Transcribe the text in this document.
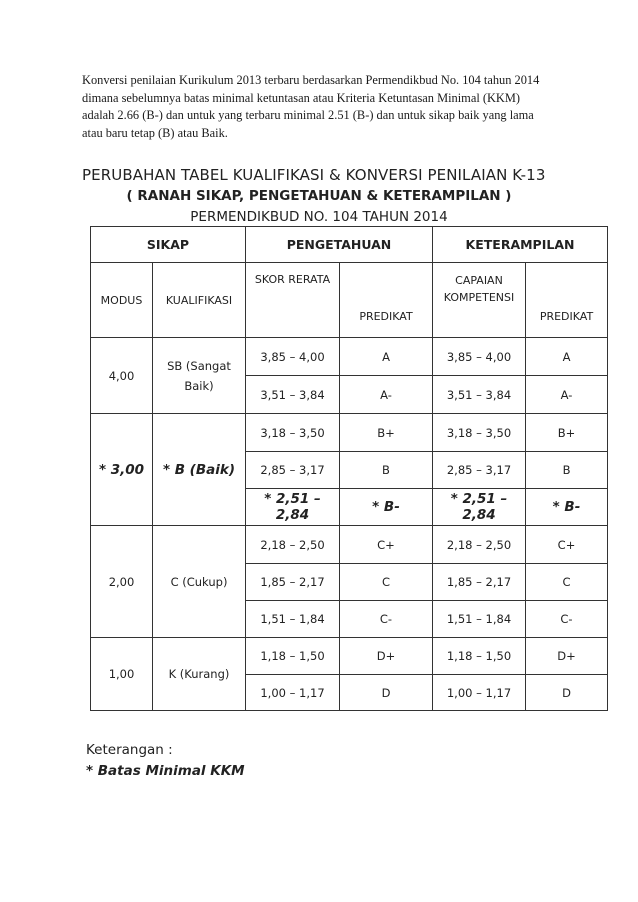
Konversi penilaian Kurikulum 2013 terbaru berdasarkan Permendikbud No. 104 tahun 2014
dimana sebelumnya batas minimal ketuntasan atau Kriteria Ketuntasan Minimal (KKM)
adalah 2.66 (B-) dan untuk yang terbaru minimal 2.51 (B-) dan untuk sikap baik yang lama
atau baru tetap (B) atau Baik.
PERUBAHAN TABEL KUALIFIKASI & KONVERSI PENILAIAN K-13
( RANAH SIKAP, PENGETAHUAN & KETERAMPILAN )
PERMENDIKBUD NO. 104 TAHUN 2014
SIKAP		PENGETAHUAN		KETERAMPILAN	
MODUS	KUALIFIKASI	SKOR RERATA	PREDIKAT	CAPAIAN KOMPETENSI	PREDIKAT
4,00	SB (Sangat Baik)	3,85 – 4,00	A	3,85 – 4,00	A
		3,51 – 3,84	A-	3,51 – 3,84	A-
* 3,00	* B (Baik)	3,18 – 3,50	B+	3,18 – 3,50	B+
		2,85 – 3,17	B	2,85 – 3,17	B
		* 2,51 – 2,84	* B-	* 2,51 – 2,84	* B-
2,00	C (Cukup)	2,18 – 2,50	C+	2,18 – 2,50	C+
		1,85 – 2,17	C	1,85 – 2,17	C
		1,51 – 1,84	C-	1,51 – 1,84	C-
1,00	K (Kurang)	1,18 – 1,50	D+	1,18 – 1,50	D+
		1,00 – 1,17	D	1,00 – 1,17	D
Keterangan :
* Batas Minimal KKM
